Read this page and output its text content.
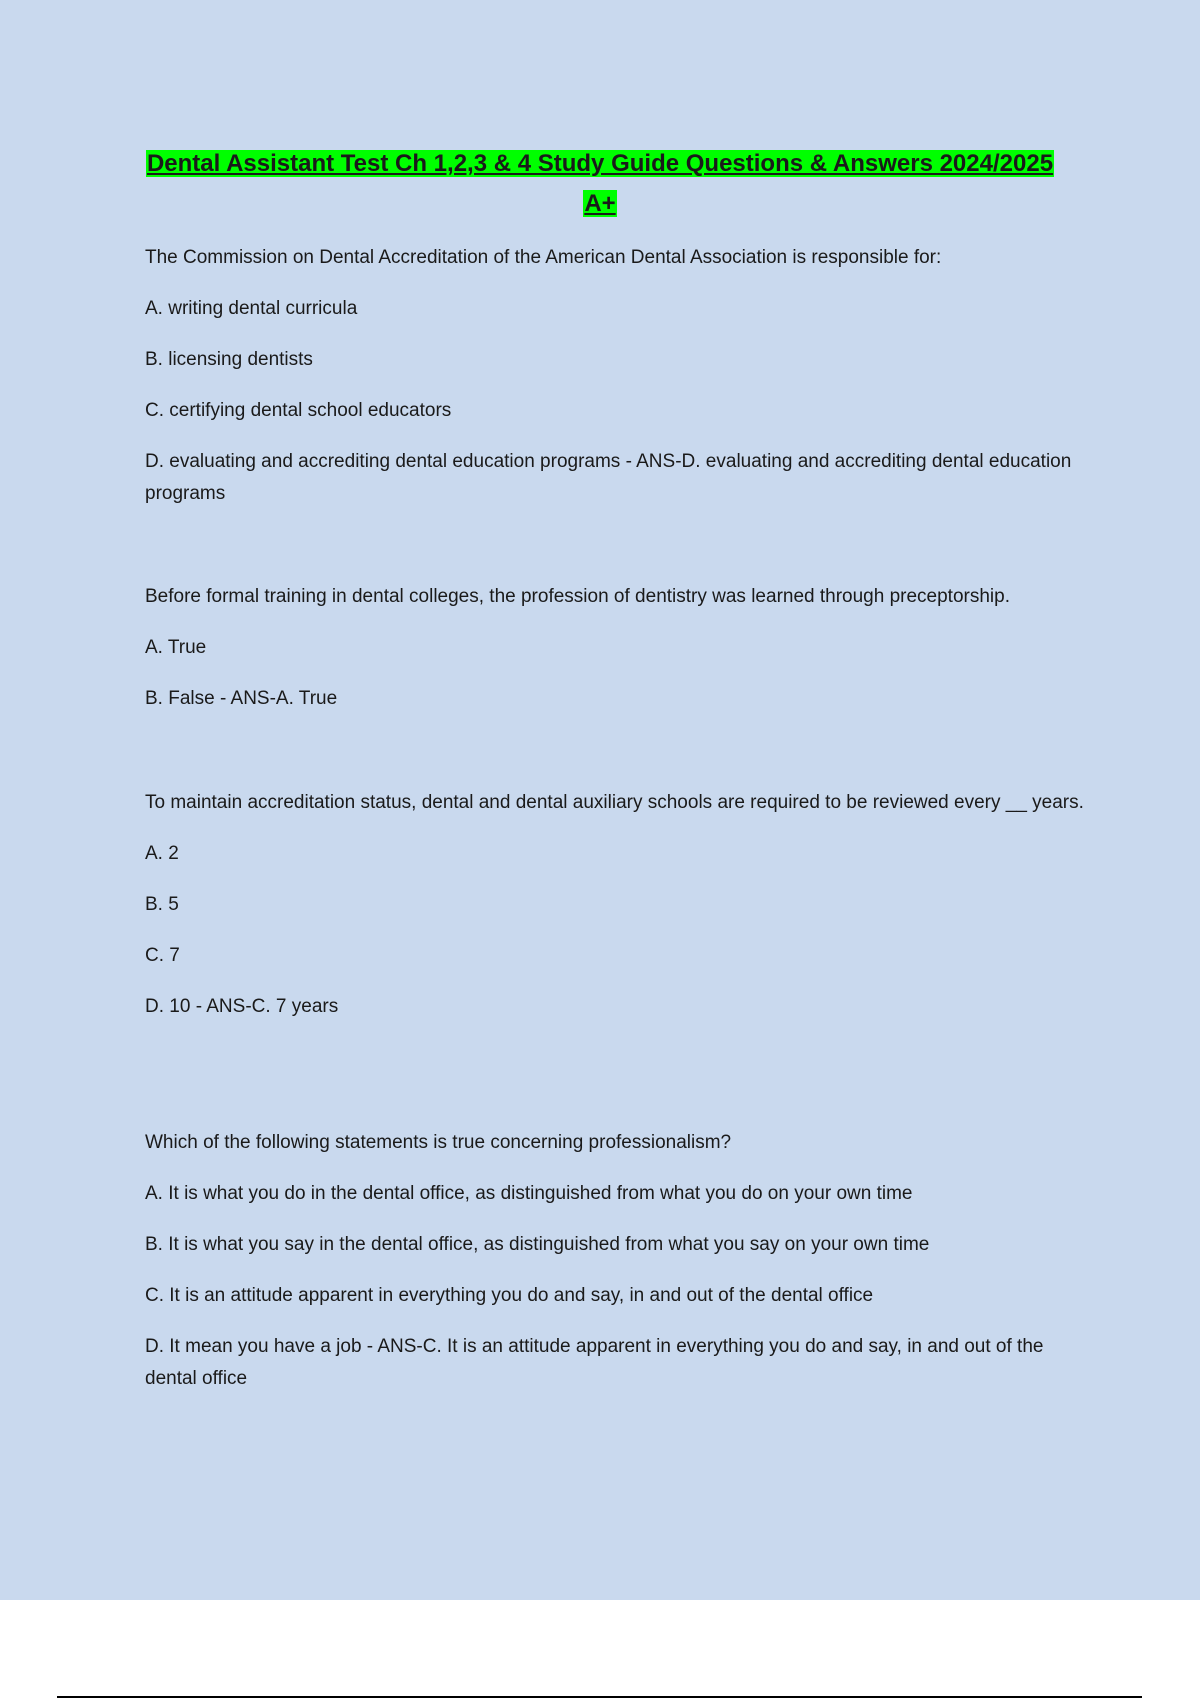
Dental Assistant Test Ch 1,2,3 & 4 Study Guide Questions & Answers 2024/2025
A+

The Commission on Dental Accreditation of the American Dental Association is responsible for:

A. writing dental curricula

B. licensing dentists

C. certifying dental school educators

D. evaluating and accrediting dental education programs - ANS-D. evaluating and accrediting dental education programs

Before formal training in dental colleges, the profession of dentistry was learned through preceptorship.

A. True

B. False - ANS-A. True

To maintain accreditation status, dental and dental auxiliary schools are required to be reviewed every __ years.

A. 2

B. 5

C. 7

D. 10 - ANS-C. 7 years

Which of the following statements is true concerning professionalism?

A. It is what you do in the dental office, as distinguished from what you do on your own time

B. It is what you say in the dental office, as distinguished from what you say on your own time

C. It is an attitude apparent in everything you do and say, in and out of the dental office

D. It mean you have a job - ANS-C. It is an attitude apparent in everything you do and say, in and out of the dental office
